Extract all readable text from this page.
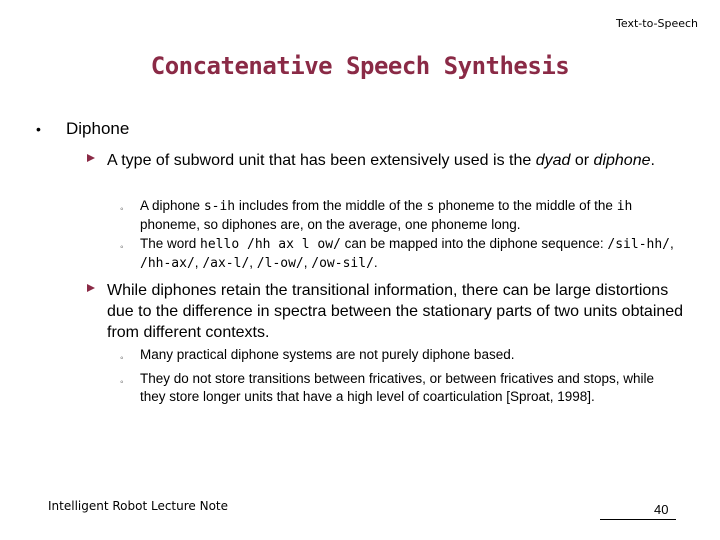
Text-to-Speech
Concatenative Speech Synthesis
• Diphone
A type of subword unit that has been extensively used is the dyad or diphone.
◦ A diphone s-ih includes from the middle of the s phoneme to the middle of the ih phoneme, so diphones are, on the average, one phoneme long.
◦ The word hello /hh ax l ow/ can be mapped into the diphone sequence: /sil-hh/, /hh-ax/, /ax-l/, /l-ow/, /ow-sil/.
While diphones retain the transitional information, there can be large distortions due to the difference in spectra between the stationary parts of two units obtained from different contexts.
◦ Many practical diphone systems are not purely diphone based.
◦ They do not store transitions between fricatives, or between fricatives and stops, while they store longer units that have a high level of coarticulation [Sproat, 1998].
Intelligent Robot Lecture Note	40
